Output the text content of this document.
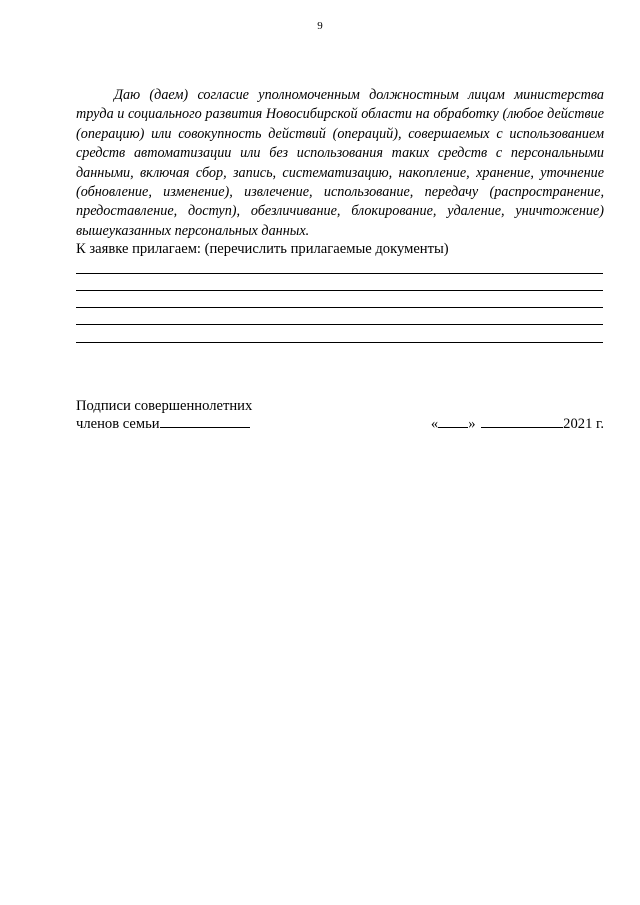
9

Даю (даем) согласие уполномоченным должностным лицам министерства труда и социального развития Новосибирской области на обработку (любое действие (операцию) или совокупность действий (операций), совершаемых с использованием средств автоматизации или без использования таких средств с персональными данными, включая сбор, запись, систематизацию, накопление, хранение, уточнение (обновление, изменение), извлечение, использование, передачу (распространение, предоставление, доступ), обезличивание, блокирование, удаление, уничтожение) вышеуказанных персональных данных.

К заявке прилагаем: (перечислить прилагаемые документы)

Подписи совершеннолетних

членов семьи	« »	2021 г.
